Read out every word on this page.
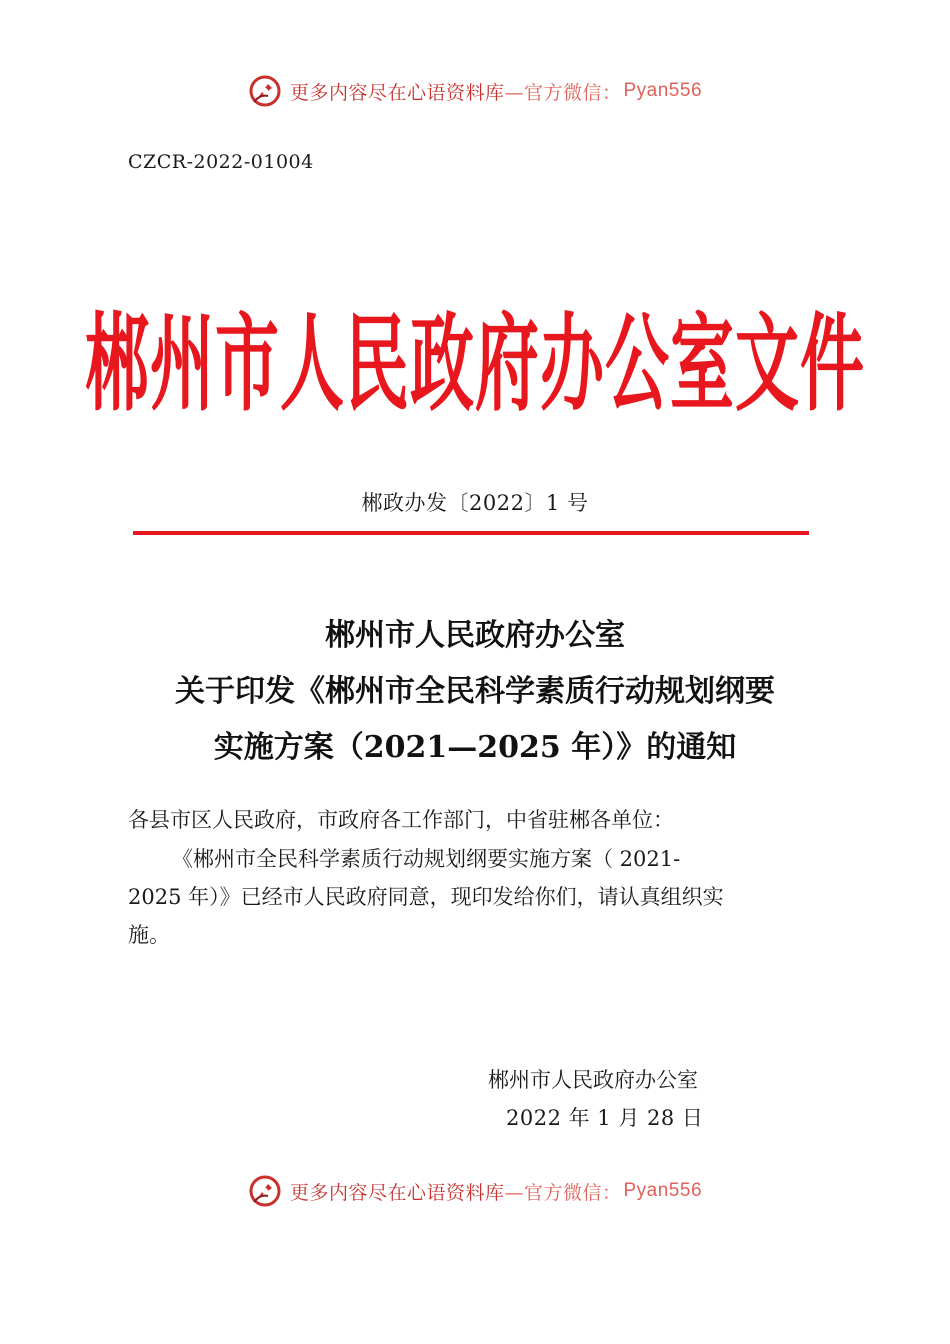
更多内容尽在心语资料库 —官方微信： Pyan556
CZCR-2022-01004
郴州市人民政府办公室文件
郴政办发〔2022〕1 号
郴州市人民政府办公室
关于印发《郴州市全民科学素质行动规划纲要
实施方案（2021—2025 年）》的通知
各县市区人民政府，市政府各工作部门，中省驻郴各单位：
《郴州市全民科学素质行动规划纲要实施方案（ 2021-
2025 年）》已经市人民政府同意，现印发给你们，请认真组织实
施。
郴州市人民政府办公室
2022 年 1 月 28 日
更多内容尽在心语资料库 —官方微信： Pyan556
